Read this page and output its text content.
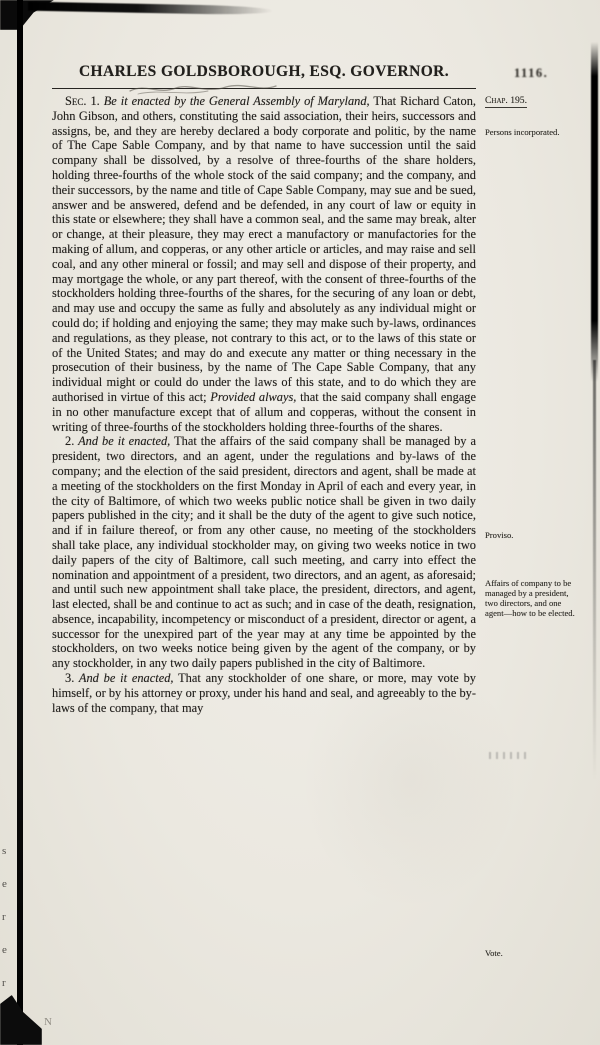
s
e
r
e
r
N
CHARLES GOLDSBOROUGH, ESQ. GOVERNOR.	1116.

Sec. 1. Be it enacted by the General Assembly of Maryland, That Richard Caton, John Gibson, and others, constituting the said association, their heirs, successors and assigns, be, and they are hereby declared a body corporate and politic, by the name of The Cape Sable Company, and by that name to have succession until the said company shall be dissolved, by a resolve of three-fourths of the share holders, holding three-fourths of the whole stock of the said company; and the company, and their successors, by the name and title of Cape Sable Company, may sue and be sued, answer and be answered, defend and be defended, in any court of law or equity in this state or elsewhere; they shall have a common seal, and the same may break, alter or change, at their pleasure, they may erect a manufactory or manufactories for the making of allum, and copperas, or any other article or articles, and may raise and sell coal, and any other mineral or fossil; and may sell and dispose of their property, and may mortgage the whole, or any part thereof, with the consent of three-fourths of the stockholders holding three-fourths of the shares, for the securing of any loan or debt, and may use and occupy the same as fully and absolutely as any individual might or could do; if holding and enjoying the same; they may make such by-laws, ordinances and regulations, as they please, not contrary to this act, or to the laws of this state or of the United States; and may do and execute any matter or thing necessary in the prosecution of their business, by the name of The Cape Sable Company, that any individual might or could do under the laws of this state, and to do which they are authorised in virtue of this act; Provided always, that the said company shall engage in no other manufacture except that of allum and copperas, without the consent in writing of three-fourths of the stockholders holding three-fourths of the shares.

2. And be it enacted, That the affairs of the said company shall be managed by a president, two directors, and an agent, under the regulations and by-laws of the company; and the election of the said president, directors and agent, shall be made at a meeting of the stockholders on the first Monday in April of each and every year, in the city of Baltimore, of which two weeks public notice shall be given in two daily papers published in the city; and it shall be the duty of the agent to give such notice, and if in failure thereof, or from any other cause, no meeting of the stockholders shall take place, any individual stockholder may, on giving two weeks notice in two daily papers of the city of Baltimore, call such meeting, and carry into effect the nomination and appointment of a president, two directors, and an agent, as aforesaid; and until such new appointment shall take place, the president, directors, and agent, last elected, shall be and continue to act as such; and in case of the death, resignation, absence, incapability, incompetency or misconduct of a president, director or agent, a successor for the unexpired part of the year may at any time be appointed by the stockholders, on two weeks notice being given by the agent of the company, or by any stockholder, in any two daily papers published in the city of Baltimore.

3. And be it enacted, That any stockholder of one share, or more, may vote by himself, or by his attorney or proxy, under his hand and seal, and agreeably to the by-laws of the company, that may

Chap. 195.
Persons incorporated.
Proviso.
Affairs of company to be managed by a president, two directors, and one agent—how to be elected.
Vote.
